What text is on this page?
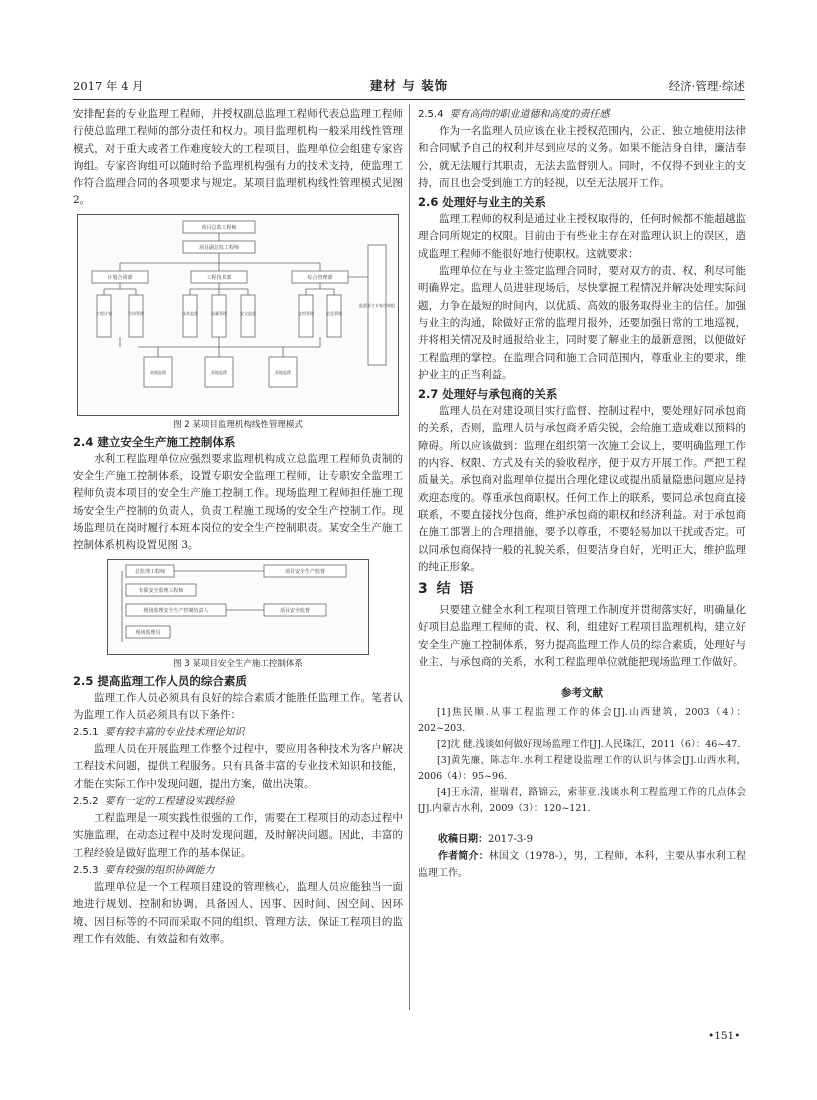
2017 年 4 月	建材 与 装饰	经济·管理·综述

安排配套的专业监理工程师，并授权副总监理工程师代表总监理工程师行使总监理工程师的部分责任和权力。项目监理机构一般采用线性管理模式，对于重大或者工作难度较大的工程项目，监理单位会组建专家咨询组。专家咨询组可以随时给予监理机构强有力的技术支持，使监理工作符合监理合同的各项要求与规定。某项目监理机构线性管理模式见图 2。

项目总监工程师
项目副总监工程师
计划合同部	工程技术部	综合管理部
工程计划	合同管理	技术监督	质量管理	安全监督	文档管理	信息管理
驻地监理	驻地监理	驻地监理
监督业主专家咨询组
图 2 某项目监理机构线性管理模式
2.4 建立安全生产施工控制体系

水利工程监理单位应强烈要求监理机构成立总监理工程师负责制的安全生产施工控制体系，设置专职安全监理工程师，让专职安全监理工程师负责本项目的安全生产施工控制工作。现场监理工程师担任施工现场安全生产控制的负责人，负责工程施工现场的安全生产控制工作。现场监理员在岗时履行本班本岗位的安全生产控制职责。某安全生产施工控制体系机构设置见图 3。

总监理工程师
专职安全监理工程师
现场监理安全生产控制负责人
现场监理员
项目安全生产监督
项目安全监督
图 3 某项目安全生产施工控制体系
2.5 提高监理工作人员的综合素质

监理工作人员必须具有良好的综合素质才能胜任监理工作。笔者认为监理工作人员必须具有以下条件：

2.5.1 要有较丰富的专业技术理论知识

监理人员在开展监理工作整个过程中，要应用各种技术为客户解决工程技术问题，提供工程服务。只有具备丰富的专业技术知识和技能，才能在实际工作中发现问题，提出方案，做出决策。

2.5.2 要有一定的工程建设实践经验

工程监理是一项实践性很强的工作，需要在工程项目的动态过程中实施监理，在动态过程中及时发现问题，及时解决问题。因此，丰富的工程经验是做好监理工作的基本保证。

2.5.3 要有较强的组织协调能力

监理单位是一个工程项目建设的管理核心，监理人员应能独当一面地进行规划、控制和协调，具备因人、因事、因时间、因空间、因环境、因目标等的不同而采取不同的组织、管理方法，保证工程项目的监理工作有效能、有效益和有效率。

2.5.4 要有高尚的职业道德和高度的责任感

作为一名监理人员应该在业主授权范围内，公正、独立地使用法律和合同赋予自己的权利并尽到应尽的义务。如果不能洁身自律，廉洁奉公，就无法履行其职责，无法去监督别人。同时，不仅得不到业主的支持，而且也会受到施工方的轻视，以至无法展开工作。

2.6 处理好与业主的关系

监理工程师的权利是通过业主授权取得的，任何时候都不能超越监理合同所规定的权限。目前由于有些业主存在对监理认识上的误区，造成监理工程师不能很好地行使职权。这就要求：

监理单位在与业主签定监理合同时，要对双方的责、权、利尽可能明确界定。监理人员进驻现场后，尽快掌握工程情况并解决处理实际问题，力争在最短的时间内，以优质、高效的服务取得业主的信任。加强与业主的沟通，除做好正常的监理月报外，还要加强日常的工地巡视，并将相关情况及时通报给业主，同时要了解业主的最新意图，以便做好工程监理的掌控。在监理合同和施工合同范围内，尊重业主的要求，维护业主的正当利益。

2.7 处理好与承包商的关系

监理人员在对建设项目实行监督、控制过程中，要处理好同承包商的关系，否则，监理人员与承包商矛盾尖锐，会给施工造成难以预料的障碍。所以应该做到：监理在组织第一次施工会议上，要明确监理工作的内容、权限、方式及有关的验收程序，便于双方开展工作。严把工程质量关。承包商对监理单位提出合理化建议或提出质量隐患问题应是持欢迎态度的。尊重承包商职权。任何工作上的联系，要同总承包商直接联系，不要直接找分包商，维护承包商的职权和经济利益。对于承包商在施工部署上的合理措施，要予以尊重，不要轻易加以干扰或否定。可以同承包商保持一般的礼貌关系，但要洁身自好，光明正大，维护监理的纯正形象。

3 结 语

只要建立健全水利工程项目管理工作制度并贯彻落实好，明确量化好项目总监理工程师的责、权、利，组建好工程项目监理机构，建立好安全生产施工控制体系，努力提高监理工作人员的综合素质，处理好与业主、与承包商的关系，水利工程监理单位就能把现场监理工作做好。

参考文献

[1]焦民顺.从事工程监理工作的体会[J].山西建筑，2003（4）：202~203.

[2]沈 健.浅谈如何做好现场监理工作[J].人民珠江，2011（6）：46~47.

[3]黄先廉，陈志年.水利工程建设监理工作的认识与体会[J].山西水利，2006（4）：95~96.

[4]王永清，崔瑞君，路锦云，索菲亚.浅谈水利工程监理工作的几点体会[J].内蒙古水利，2009（3）：120~121.

收稿日期：2017-3-9

作者简介：林国文（1978-），男，工程师，本科，主要从事水利工程监理工作。

•151•
